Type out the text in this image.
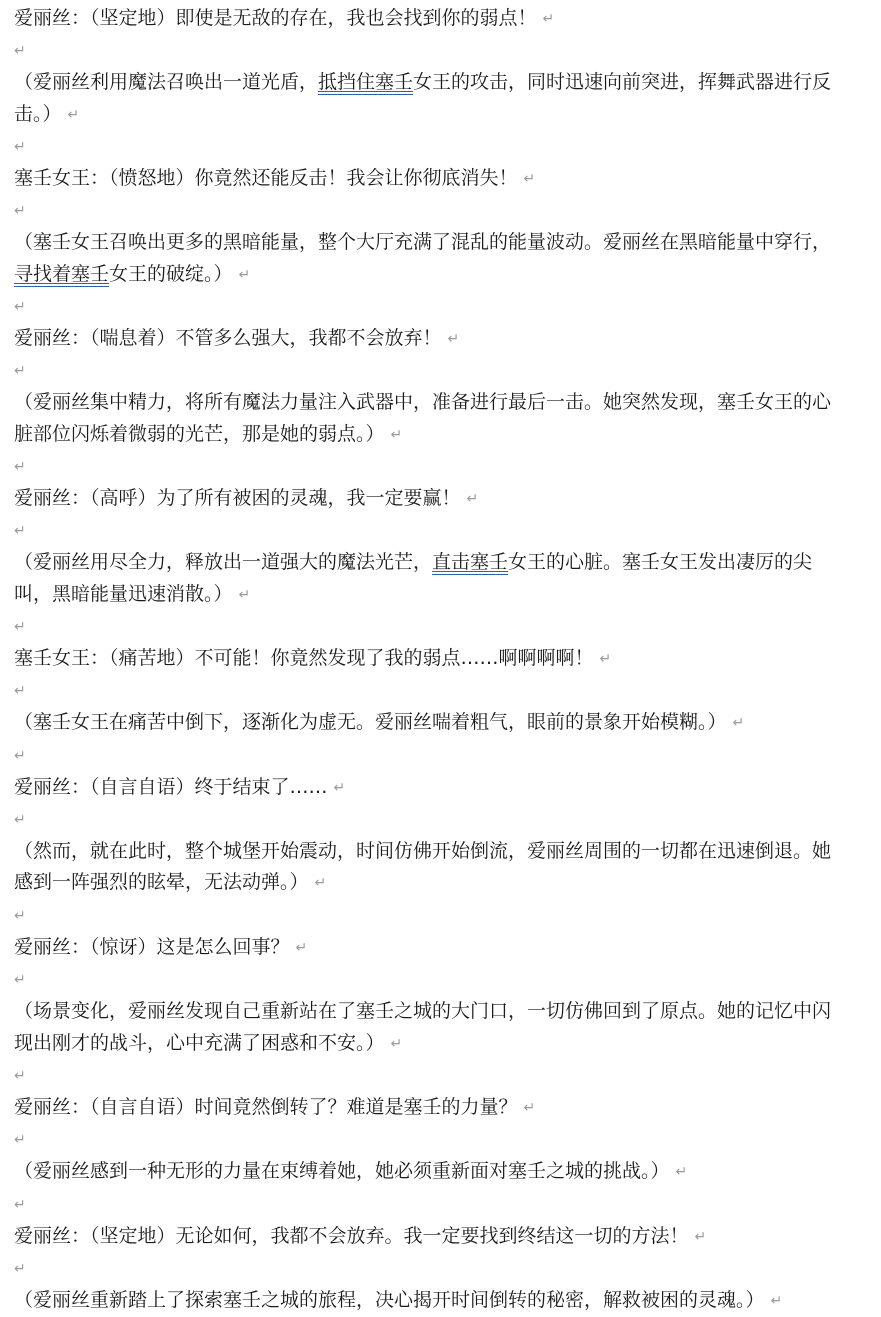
爱丽丝：（坚定地）即使是无敌的存在，我也会找到你的弱点！ ↵

↵

（爱丽丝利用魔法召唤出一道光盾，抵挡住塞壬女王的攻击，同时迅速向前突进，挥舞武器进行反击。） ↵

↵

塞壬女王：（愤怒地）你竟然还能反击！我会让你彻底消失！ ↵

↵

（塞壬女王召唤出更多的黑暗能量，整个大厅充满了混乱的能量波动。爱丽丝在黑暗能量中穿行，寻找着塞壬女王的破绽。） ↵

↵

爱丽丝：（喘息着）不管多么强大，我都不会放弃！ ↵

↵

（爱丽丝集中精力，将所有魔法力量注入武器中，准备进行最后一击。她突然发现，塞壬女王的心脏部位闪烁着微弱的光芒，那是她的弱点。） ↵

↵

爱丽丝：（高呼）为了所有被困的灵魂，我一定要赢！ ↵

↵

（爱丽丝用尽全力，释放出一道强大的魔法光芒，直击塞壬女王的心脏。塞壬女王发出凄厉的尖叫，黑暗能量迅速消散。） ↵

↵

塞壬女王：（痛苦地）不可能！你竟然发现了我的弱点……啊啊啊啊！ ↵

↵

（塞壬女王在痛苦中倒下，逐渐化为虚无。爱丽丝喘着粗气，眼前的景象开始模糊。） ↵

↵

爱丽丝：（自言自语）终于结束了…… ↵

↵

（然而，就在此时，整个城堡开始震动，时间仿佛开始倒流，爱丽丝周围的一切都在迅速倒退。她感到一阵强烈的眩晕，无法动弹。） ↵

↵

爱丽丝：（惊讶）这是怎么回事？ ↵

↵

（场景变化，爱丽丝发现自己重新站在了塞壬之城的大门口，一切仿佛回到了原点。她的记忆中闪现出刚才的战斗，心中充满了困惑和不安。） ↵

↵

爱丽丝：（自言自语）时间竟然倒转了？难道是塞壬的力量？ ↵

↵

（爱丽丝感到一种无形的力量在束缚着她，她必须重新面对塞壬之城的挑战。） ↵

↵

爱丽丝：（坚定地）无论如何，我都不会放弃。我一定要找到终结这一切的方法！ ↵

↵

（爱丽丝重新踏上了探索塞壬之城的旅程，决心揭开时间倒转的秘密，解救被困的灵魂。） ↵
